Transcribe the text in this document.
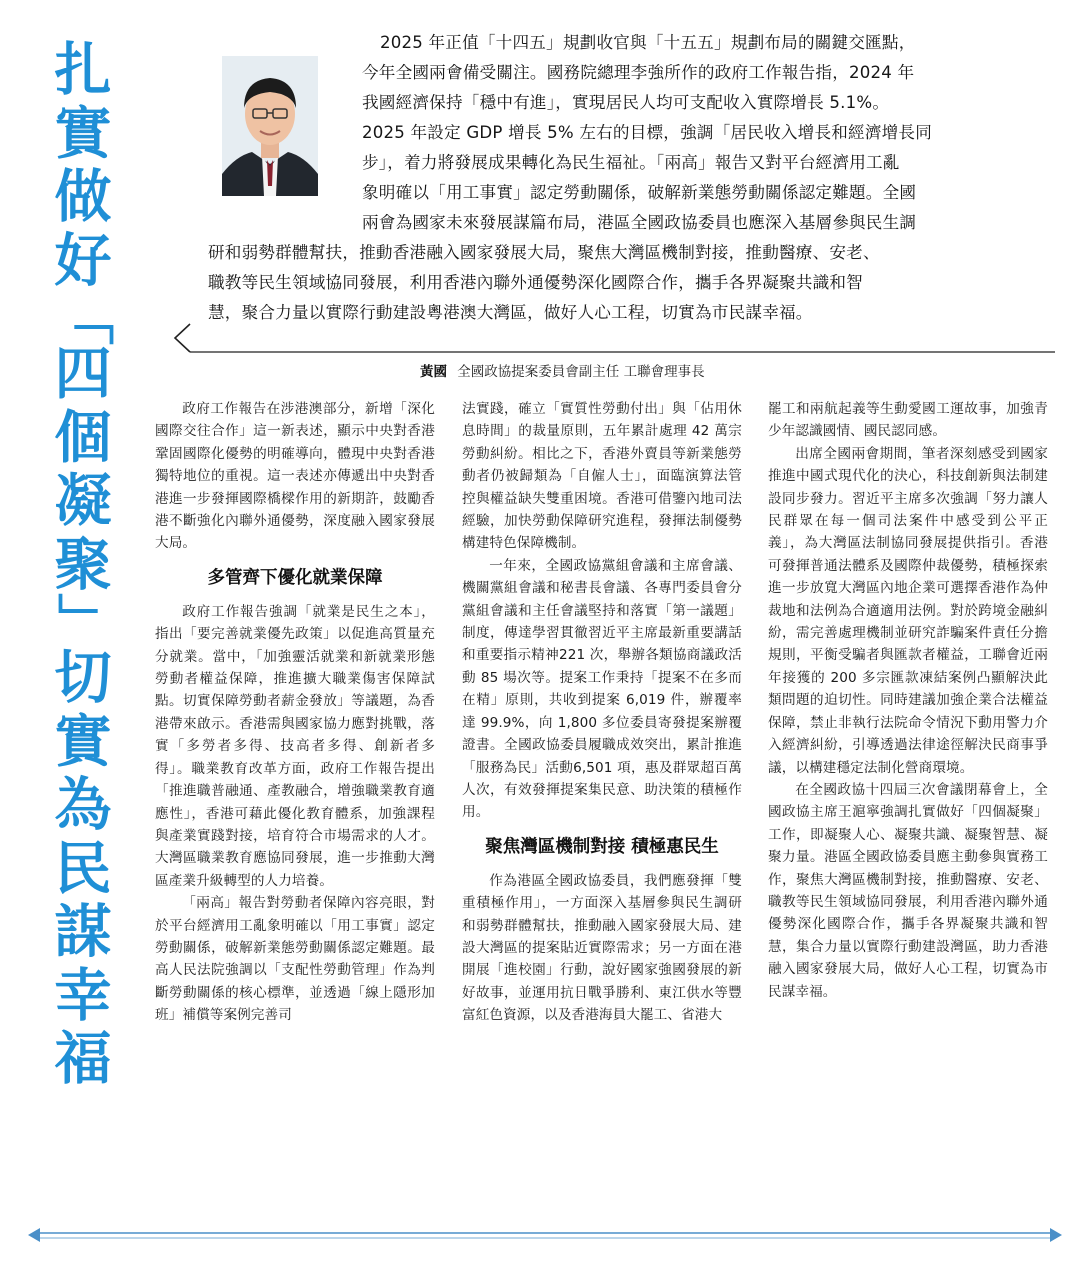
扎
實
做
好
「
四
個
凝
聚
」
切
實
為
民
謀
幸
福
2025 年正值「十四五」規劃收官與「十五五」規劃布局的關鍵交匯點，
今年全國兩會備受關注。國務院總理李強所作的政府工作報告指，2024 年
我國經濟保持「穩中有進」，實現居民人均可支配收入實際增長 5.1%。
2025 年設定 GDP 增長 5% 左右的目標，強調「居民收入增長和經濟增長同
步」，着力將發展成果轉化為民生福祉。「兩高」報告又對平台經濟用工亂
象明確以「用工事實」認定勞動關係，破解新業態勞動關係認定難題。全國
兩會為國家未來發展謀篇布局，港區全國政協委員也應深入基層參與民生調
研和弱勢群體幫扶，推動香港融入國家發展大局，聚焦大灣區機制對接，推動醫療、安老、
職教等民生領域協同發展，利用香港內聯外通優勢深化國際合作，攜手各界凝聚共識和智
慧，聚合力量以實際行動建設粵港澳大灣區，做好人心工程，切實為市民謀幸福。
黃國 全國政協提案委員會副主任 工聯會理事長

政府工作報告在涉港澳部分，新增「深化國際交往合作」這一新表述，顯示中央對香港鞏固國際化優勢的明確導向，體現中央對香港獨特地位的重視。這一表述亦傳遞出中央對香港進一步發揮國際橋樑作用的新期許，鼓勵香港不斷強化內聯外通優勢，深度融入國家發展大局。

多管齊下優化就業保障

政府工作報告強調「就業是民生之本」，指出「要完善就業優先政策」以促進高質量充分就業。當中，「加強靈活就業和新就業形態勞動者權益保障，推進擴大職業傷害保障試點。切實保障勞動者薪金發放」等議題，為香港帶來啟示。香港需與國家協力應對挑戰，落實「多勞者多得、技高者多得、創新者多得」。職業教育改革方面，政府工作報告提出「推進職普融通、產教融合，增強職業教育適應性」，香港可藉此優化教育體系，加強課程與產業實踐對接，培育符合市場需求的人才。大灣區職業教育應協同發展，進一步推動大灣區產業升級轉型的人力培養。

「兩高」報告對勞動者保障內容亮眼，對於平台經濟用工亂象明確以「用工事實」認定勞動關係，破解新業態勞動關係認定難題。最高人民法院強調以「支配性勞動管理」作為判斷勞動關係的核心標準，並透過「線上隱形加班」補償等案例完善司

法實踐，確立「實質性勞動付出」與「佔用休息時間」的裁量原則，五年累計處理 42 萬宗勞動糾紛。相比之下，香港外賣員等新業態勞動者仍被歸類為「自僱人士」，面臨演算法管控與權益缺失雙重困境。香港可借鑒內地司法經驗，加快勞動保障研究進程，發揮法制優勢構建特色保障機制。

一年來，全國政協黨組會議和主席會議、機關黨組會議和秘書長會議、各專門委員會分黨組會議和主任會議堅持和落實「第一議題」制度，傳達學習貫徹習近平主席最新重要講話和重要指示精神221 次，舉辦各類協商議政活動 85 場次等。提案工作秉持「提案不在多而在精」原則，共收到提案 6,019 件，辦覆率達 99.9%，向 1,800 多位委員寄發提案辦覆證書。全國政協委員履職成效突出，累計推進「服務為民」活動6,501 項，惠及群眾超百萬人次，有效發揮提案集民意、助決策的積極作用。

聚焦灣區機制對接 積極惠民生

作為港區全國政協委員，我們應發揮「雙重積極作用」，一方面深入基層參與民生調研和弱勢群體幫扶，推動融入國家發展大局、建設大灣區的提案貼近實際需求；另一方面在港開展「進校園」行動，說好國家強國發展的新好故事，並運用抗日戰爭勝利、東江供水等豐富紅色資源，以及香港海員大罷工、省港大

罷工和兩航起義等生動愛國工運故事，加強青少年認識國情、國民認同感。

出席全國兩會期間，筆者深刻感受到國家推進中國式現代化的決心，科技創新與法制建設同步發力。習近平主席多次強調「努力讓人民群眾在每一個司法案件中感受到公平正義」，為大灣區法制協同發展提供指引。香港可發揮普通法體系及國際仲裁優勢，積極探索進一步放寬大灣區內地企業可選擇香港作為仲裁地和法例為合適適用法例。對於跨境金融糾紛，需完善處理機制並研究詐騙案件責任分擔規則，平衡受騙者與匯款者權益，工聯會近兩年接獲的 200 多宗匯款凍結案例凸顯解決此類問題的迫切性。同時建議加強企業合法權益保障，禁止非執行法院命令情況下動用警力介入經濟糾紛，引導透過法律途徑解決民商事爭議，以構建穩定法制化營商環境。

在全國政協十四屆三次會議閉幕會上，全國政協主席王滬寧強調扎實做好「四個凝聚」工作，即凝聚人心、凝聚共識、凝聚智慧、凝聚力量。港區全國政協委員應主動參與實務工作，聚焦大灣區機制對接，推動醫療、安老、職教等民生領域協同發展，利用香港內聯外通優勢深化國際合作，攜手各界凝聚共識和智慧，集合力量以實際行動建設灣區，助力香港融入國家發展大局，做好人心工程，切實為市民謀幸福。
